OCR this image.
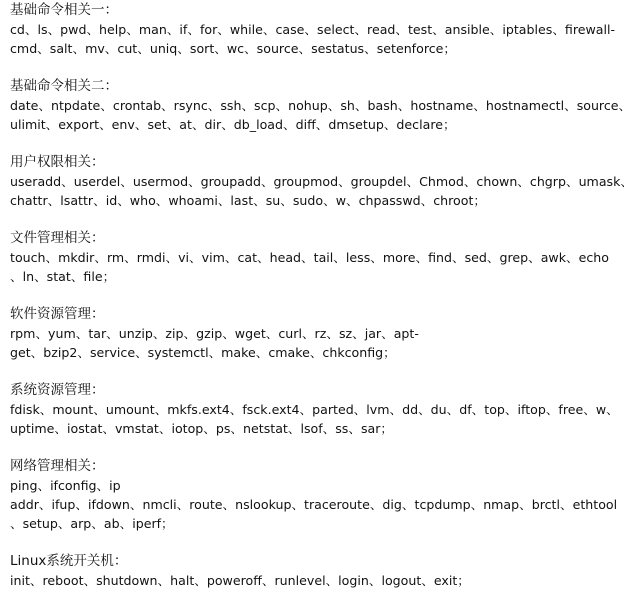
基础命令相关一：
cd、ls、pwd、help、man、if、for、while、case、select、read、test、ansible、iptables、firewall-
cmd、salt、mv、cut、uniq、sort、wc、source、sestatus、setenforce；
基础命令相关二：
date、ntpdate、crontab、rsync、ssh、scp、nohup、sh、bash、hostname、hostnamectl、source、
ulimit、export、env、set、at、dir、db_load、diff、dmsetup、declare；
用户权限相关：
useradd、userdel、usermod、groupadd、groupmod、groupdel、Chmod、chown、chgrp、umask、
chattr、lsattr、id、who、whoami、last、su、sudo、w、chpasswd、chroot；
文件管理相关：
touch、mkdir、rm、rmdi、vi、vim、cat、head、tail、less、more、find、sed、grep、awk、echo
、ln、stat、file；
软件资源管理：
rpm、yum、tar、unzip、zip、gzip、wget、curl、rz、sz、jar、apt-
get、bzip2、service、systemctl、make、cmake、chkconfig；
系统资源管理：
fdisk、mount、umount、mkfs.ext4、fsck.ext4、parted、lvm、dd、du、df、top、iftop、free、w、
uptime、iostat、vmstat、iotop、ps、netstat、lsof、ss、sar；
网络管理相关：
ping、ifconfig、ip
addr、ifup、ifdown、nmcli、route、nslookup、traceroute、dig、tcpdump、nmap、brctl、ethtool
、setup、arp、ab、iperf；
Linux系统开关机：
init、reboot、shutdown、halt、poweroff、runlevel、login、logout、exit；
